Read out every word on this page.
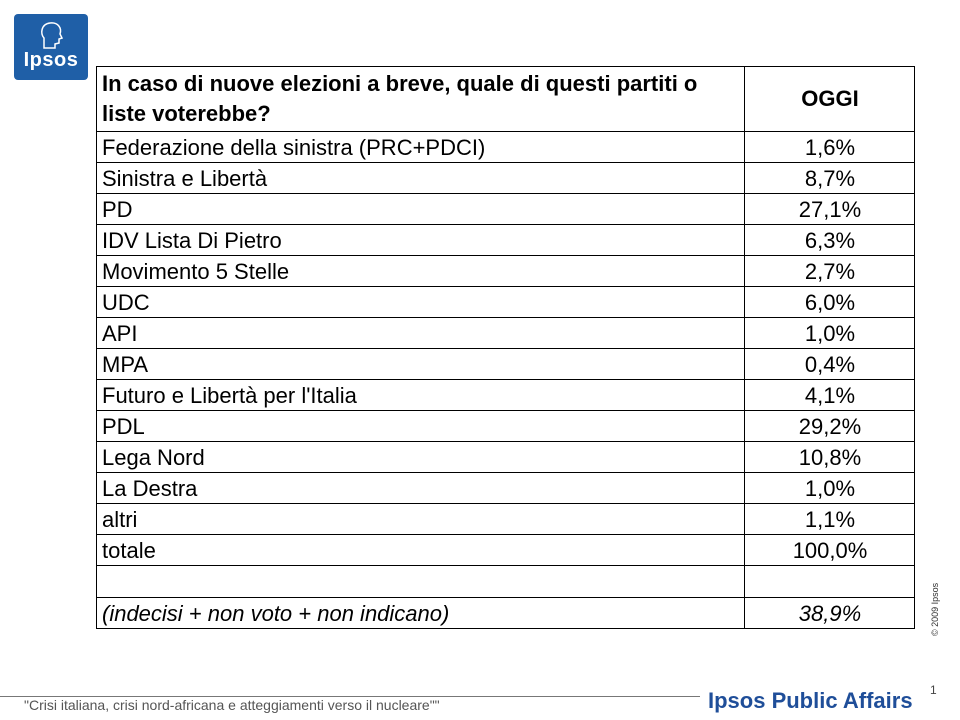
Ipsos
In caso di nuove elezioni a breve, quale di questi partiti o liste voterebbe?	OGGI
Federazione della sinistra (PRC+PDCI)	1,6%
Sinistra e Libertà	8,7%
PD	27,1%
IDV Lista Di Pietro	6,3%
Movimento 5 Stelle	2,7%
UDC	6,0%
API	1,0%
MPA	0,4%
Futuro e Libertà per l'Italia	4,1%
PDL	29,2%
Lega Nord	10,8%
La Destra	1,0%
altri	1,1%
totale	100,0%

(indecisi + non voto + non indicano)	38,9%	© 2009 Ipsos
"Crisi italiana, crisi nord-africana e atteggiamenti verso il nucleare""	Ipsos Public Affairs 1
